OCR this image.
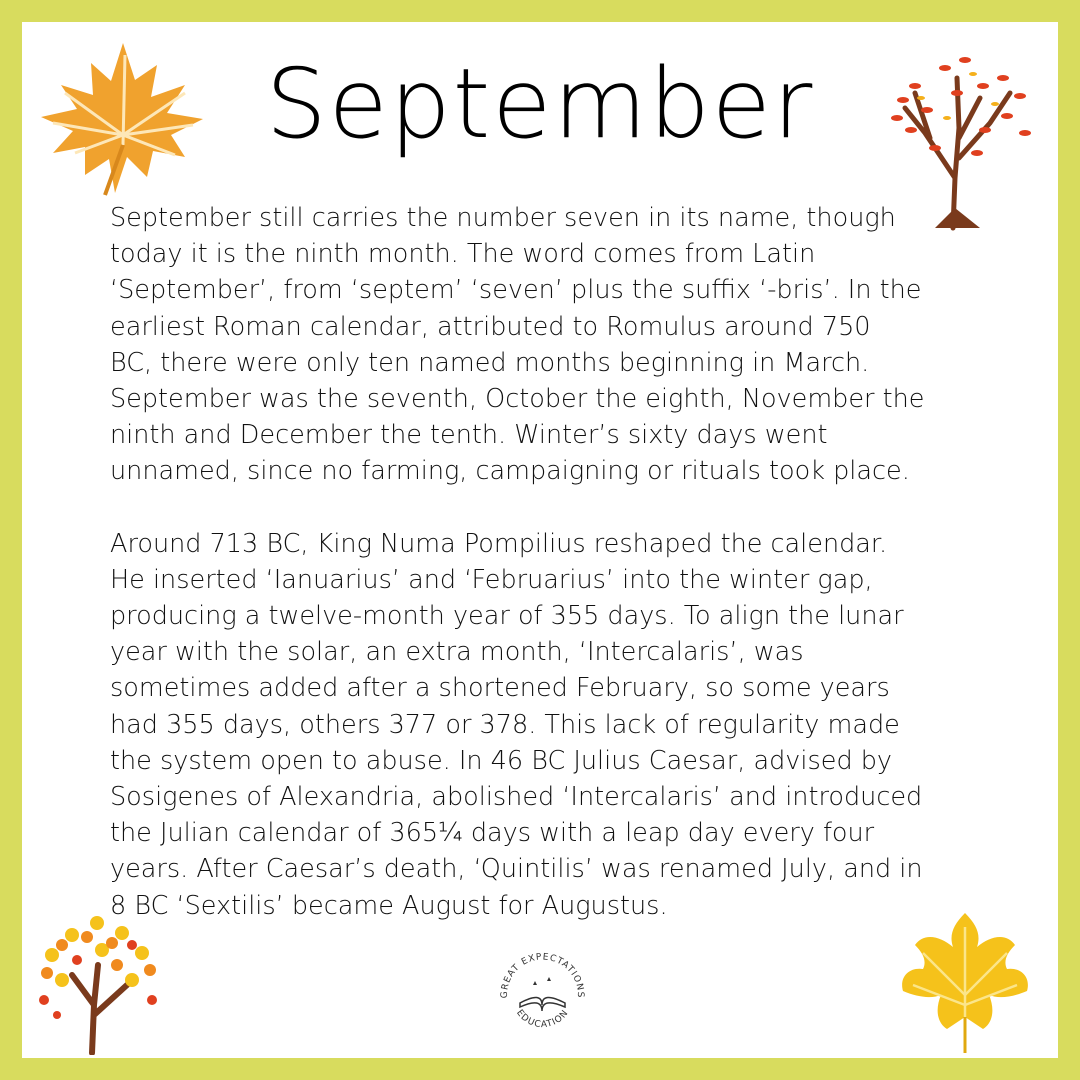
September

September still carries the number seven in its name, though
today it is the ninth month. The word comes from Latin
‘September’, from ‘septem’ ‘seven’ plus the suffix ‘-bris’. In the
earliest Roman calendar, attributed to Romulus around 750
BC, there were only ten named months beginning in March.
September was the seventh, October the eighth, November the
ninth and December the tenth. Winter’s sixty days went
unnamed, since no farming, campaigning or rituals took place.

Around 713 BC, King Numa Pompilius reshaped the calendar.
He inserted ‘Ianuarius’ and ‘Februarius’ into the winter gap,
producing a twelve-month year of 355 days. To align the lunar
year with the solar, an extra month, ‘Intercalaris’, was
sometimes added after a shortened February, so some years
had 355 days, others 377 or 378. This lack of regularity made
the system open to abuse. In 46 BC Julius Caesar, advised by
Sosigenes of Alexandria, abolished ‘Intercalaris’ and introduced
the Julian calendar of 365¼ days with a leap day every four
years. After Caesar’s death, ‘Quintilis’ was renamed July, and in
8 BC ‘Sextilis’ became August for Augustus.

GREAT EXPECTATIONS
EDUCATION
